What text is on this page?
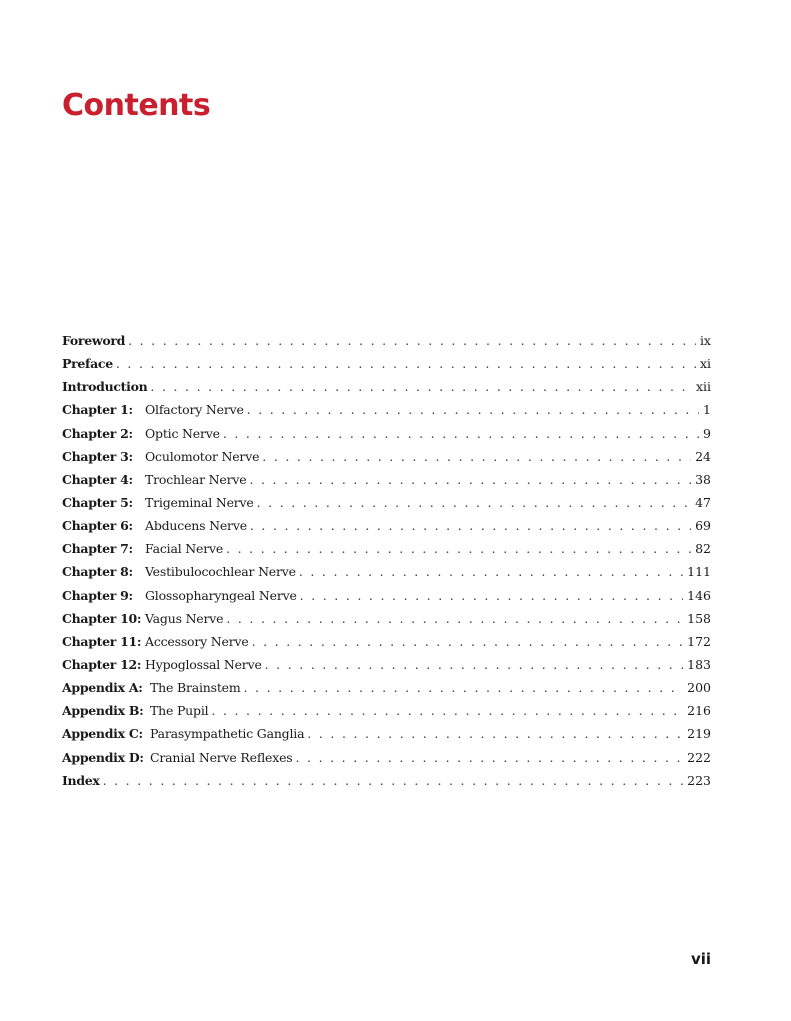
Contents
Foreword . . .	ix
Preface . . .	xi
Introduction . . .	xii
Chapter 1: Olfactory Nerve . . .	1
Chapter 2: Optic Nerve . . .	9
Chapter 3: Oculomotor Nerve . . .	24
Chapter 4: Trochlear Nerve . . .	38
Chapter 5: Trigeminal Nerve . . .	47
Chapter 6: Abducens Nerve . . .	69
Chapter 7: Facial Nerve . . .	82
Chapter 8: Vestibulocochlear Nerve . . .	111
Chapter 9: Glossopharyngeal Nerve . . .	146
Chapter 10: Vagus Nerve . . .	158
Chapter 11: Accessory Nerve . . .	172
Chapter 12: Hypoglossal Nerve . . .	183
Appendix A: The Brainstem . . .	200
Appendix B: The Pupil . . .	216
Appendix C: Parasympathetic Ganglia . . .	219
Appendix D: Cranial Nerve Reflexes . . .	222
Index . . .	223
vii
